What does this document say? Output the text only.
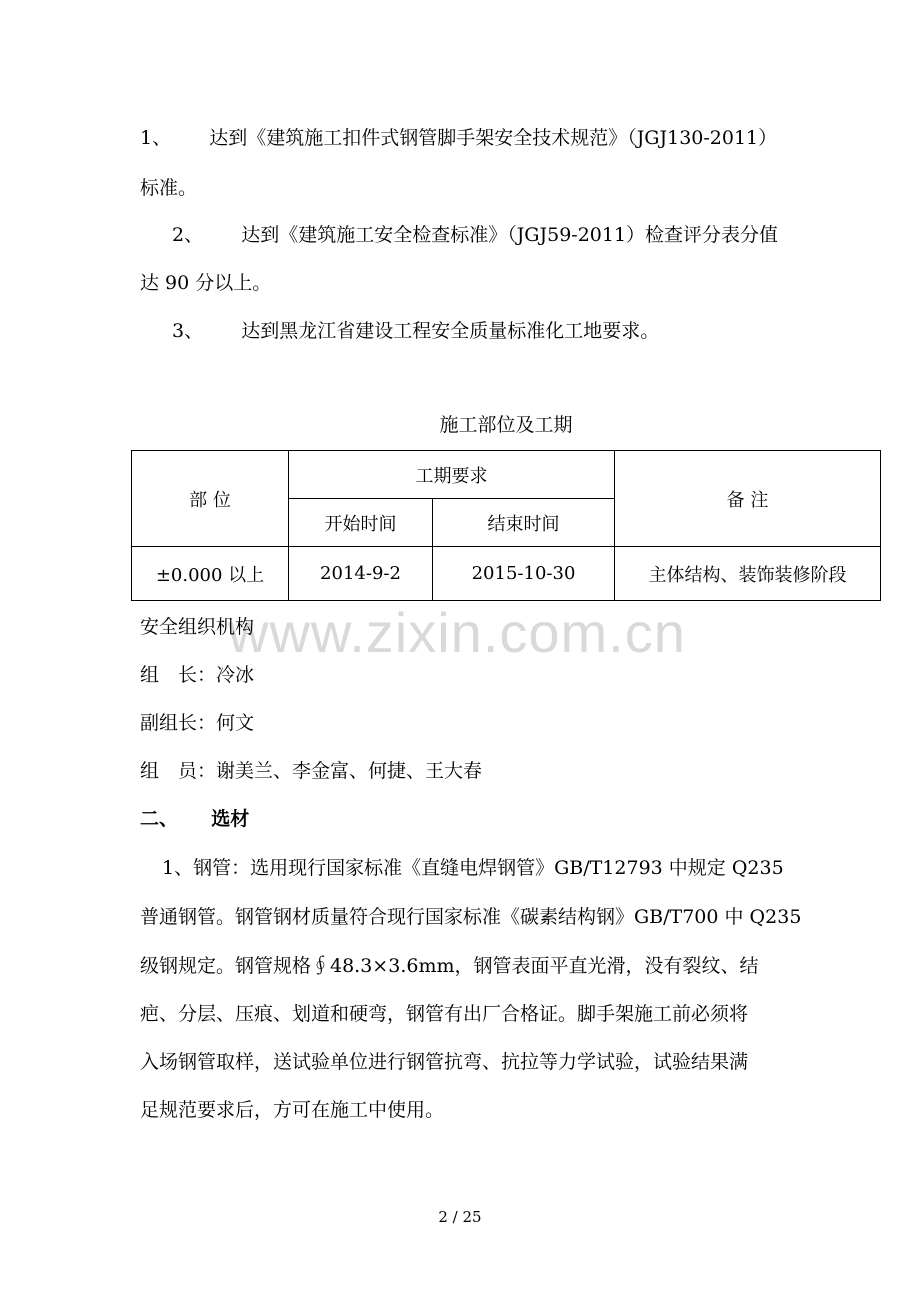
1、 达到《建筑施工扣件式钢管脚手架安全技术规范》（JGJ130-2011）
标准。
2、 达到《建筑施工安全检查标准》（JGJ59-2011）检查评分表分值
达 90 分以上。
3、 达到黑龙江省建设工程安全质量标准化工地要求。
施工部位及工期
部 位	工期要求		备 注
	开始时间	结束时间	
±0.000 以上	2014-9-2	2015-10-30	主体结构、装饰装修阶段
www.zixin.com.cn
安全组织机构
组　长：冷冰
副组长：何文
组　员：谢美兰、李金富、何捷、王大春
二、 选材
1、钢管：选用现行国家标准《直缝电焊钢管》GB/T12793 中规定 Q235
普通钢管。钢管钢材质量符合现行国家标准《碳素结构钢》GB/T700 中 Q235
级钢规定。钢管规格∮48.3×3.6mm，钢管表面平直光滑，没有裂纹、结
疤、分层、压痕、划道和硬弯，钢管有出厂合格证。脚手架施工前必须将
入场钢管取样，送试验单位进行钢管抗弯、抗拉等力学试验，试验结果满
足规范要求后，方可在施工中使用。
2 / 25
